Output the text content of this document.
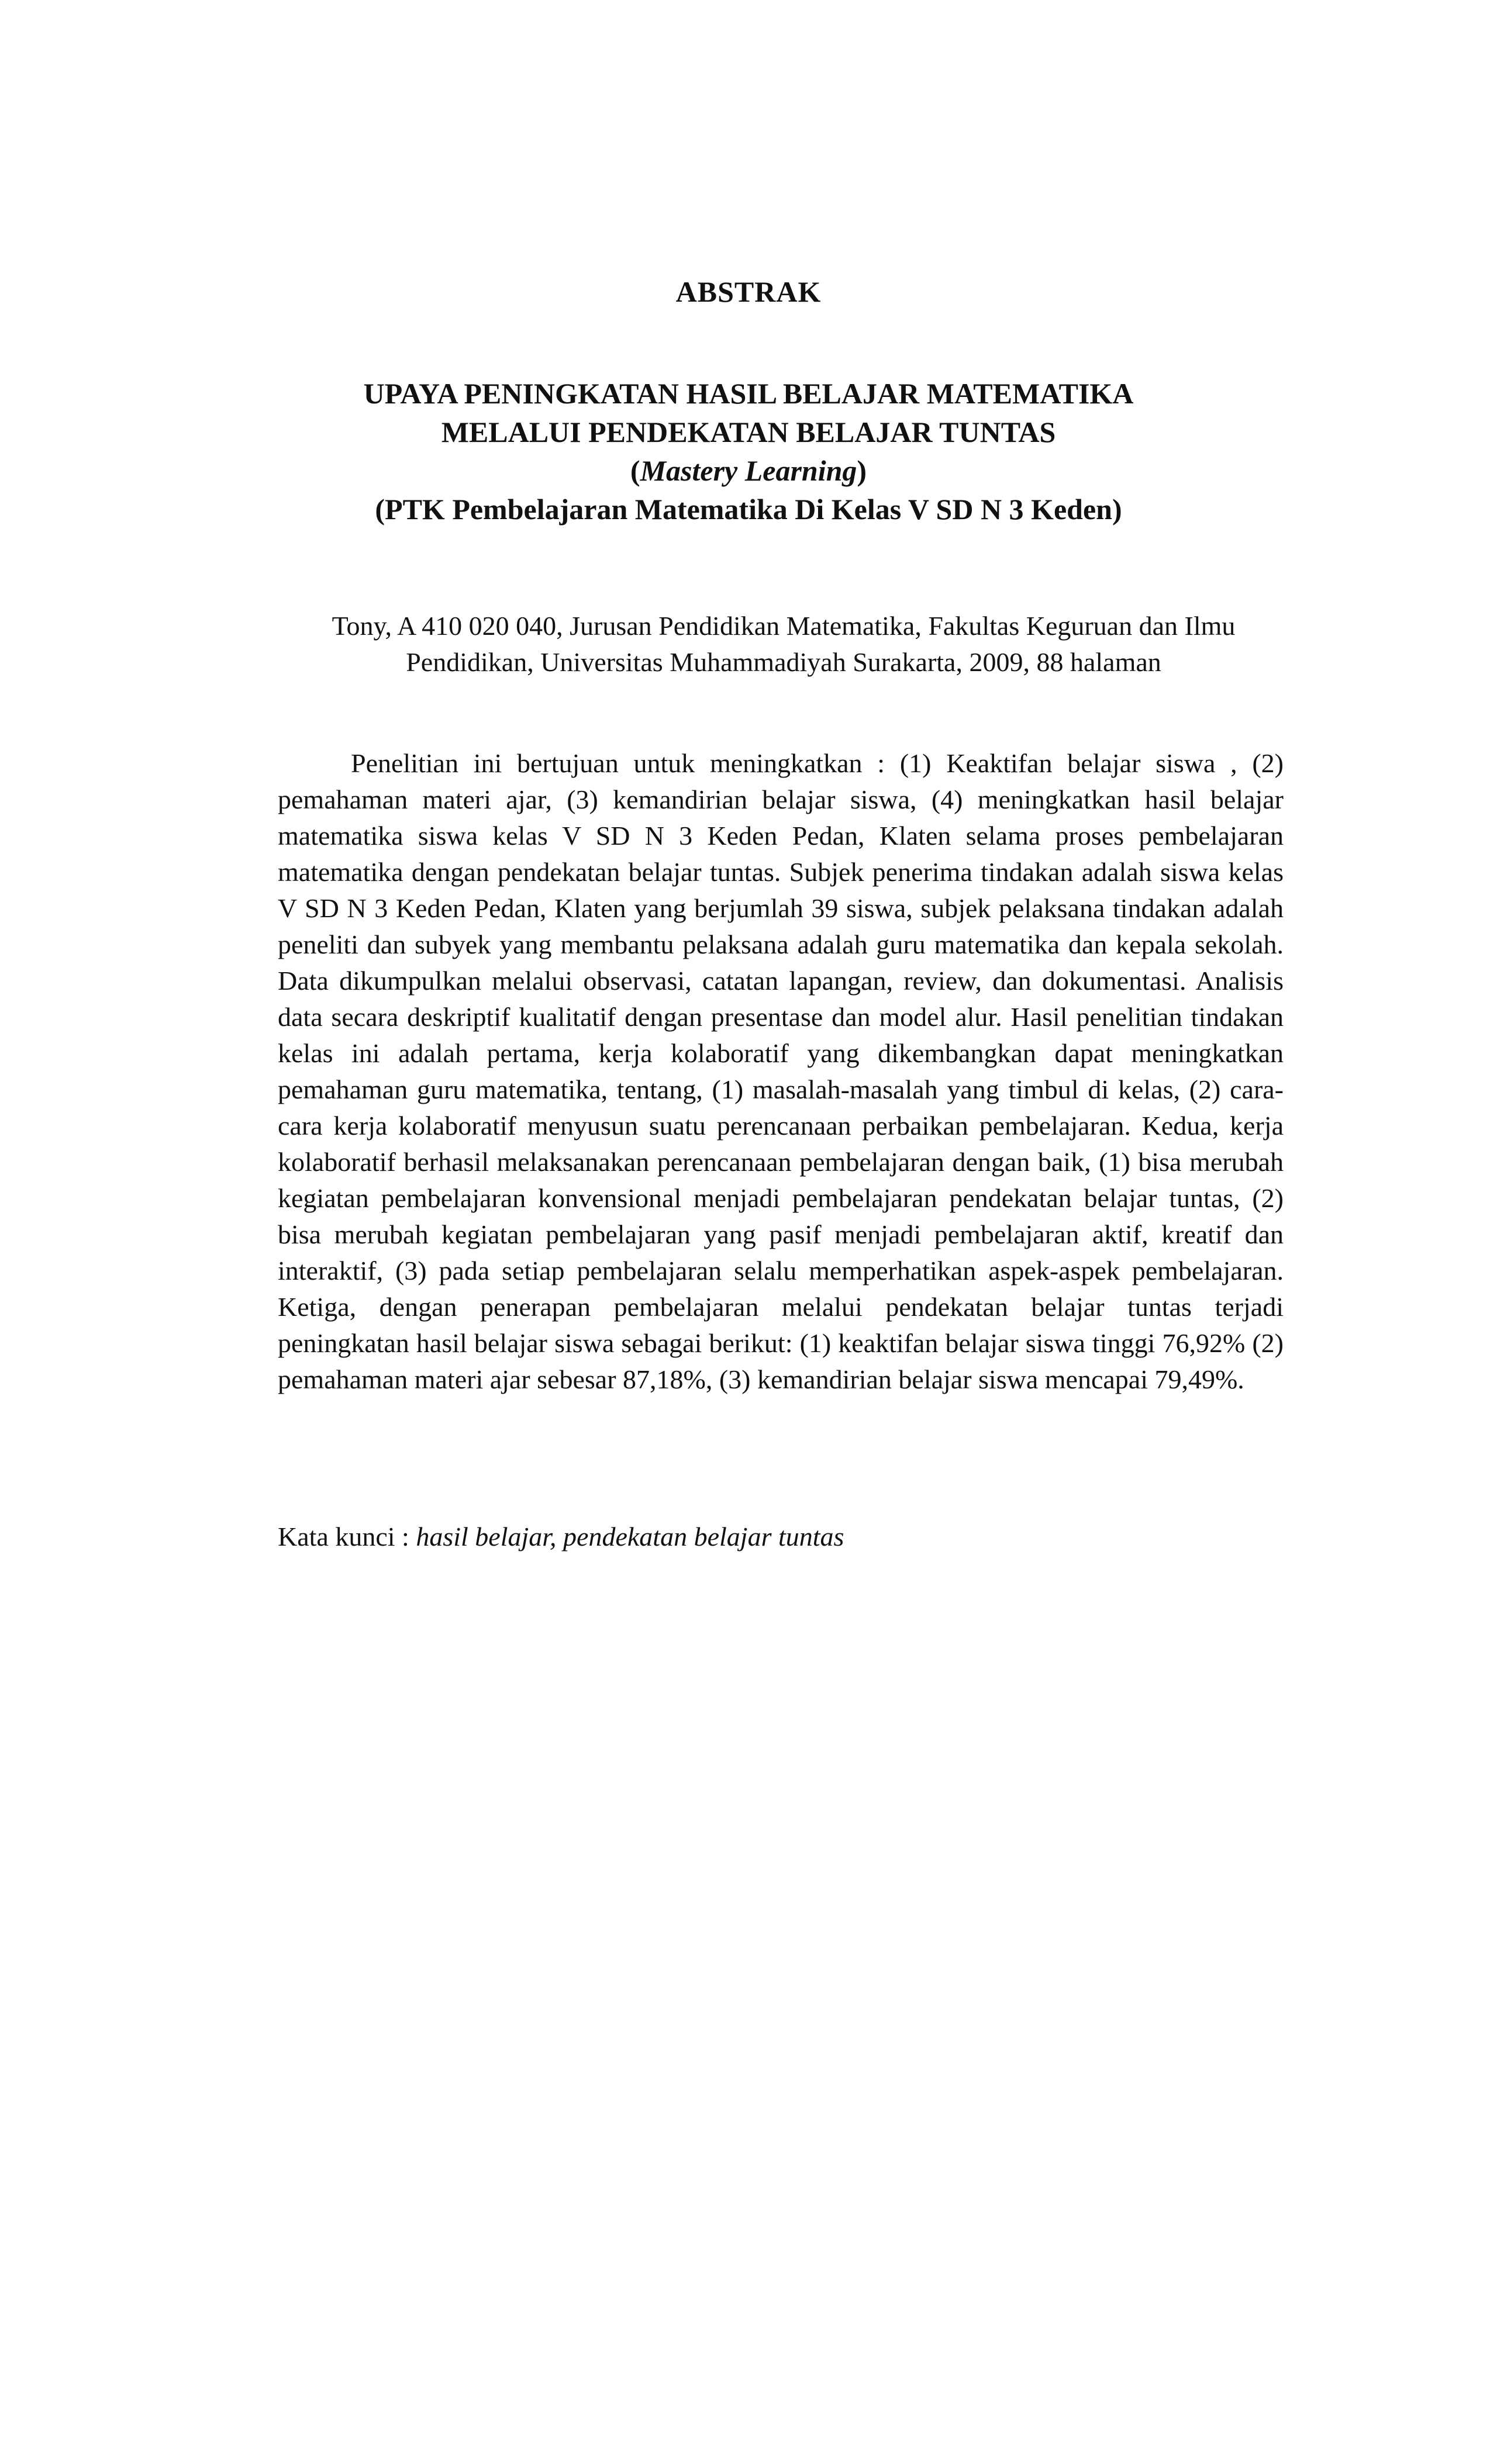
ABSTRAK
UPAYA PENINGKATAN HASIL BELAJAR MATEMATIKA
MELALUI PENDEKATAN BELAJAR TUNTAS
(Mastery Learning)
(PTK Pembelajaran Matematika Di Kelas V SD N 3 Keden)
Tony, A 410 020 040, Jurusan Pendidikan Matematika, Fakultas Keguruan dan Ilmu Pendidikan, Universitas Muhammadiyah Surakarta, 2009, 88 halaman

Penelitian ini bertujuan untuk meningkatkan : (1) Keaktifan belajar siswa , (2) pemahaman materi ajar, (3) kemandirian belajar siswa, (4) meningkatkan hasil belajar matematika siswa kelas V SD N 3 Keden Pedan, Klaten selama proses pembelajaran matematika dengan pendekatan belajar tuntas. Subjek penerima tindakan adalah siswa kelas V SD N 3 Keden Pedan, Klaten yang berjumlah 39 siswa, subjek pelaksana tindakan adalah peneliti dan subyek yang membantu pelaksana adalah guru matematika dan kepala sekolah. Data dikumpulkan melalui observasi, catatan lapangan, review, dan dokumentasi. Analisis data secara deskriptif kualitatif dengan presentase dan model alur. Hasil penelitian tindakan kelas ini adalah pertama, kerja kolaboratif yang dikembangkan dapat meningkatkan pemahaman guru matematika, tentang, (1) masalah-masalah yang timbul di kelas, (2) cara-cara kerja kolaboratif menyusun suatu perencanaan perbaikan pembelajaran. Kedua, kerja kolaboratif berhasil melaksanakan perencanaan pembelajaran dengan baik, (1) bisa merubah kegiatan pembelajaran konvensional menjadi pembelajaran pendekatan belajar tuntas, (2) bisa merubah kegiatan pembelajaran yang pasif menjadi pembelajaran aktif, kreatif dan interaktif, (3) pada setiap pembelajaran selalu memperhatikan aspek-aspek pembelajaran. Ketiga, dengan penerapan pembelajaran melalui pendekatan belajar tuntas terjadi peningkatan hasil belajar siswa sebagai berikut: (1) keaktifan belajar siswa tinggi 76,92% (2) pemahaman materi ajar sebesar 87,18%, (3) kemandirian belajar siswa mencapai 79,49%.

Kata kunci : hasil belajar, pendekatan belajar tuntas
